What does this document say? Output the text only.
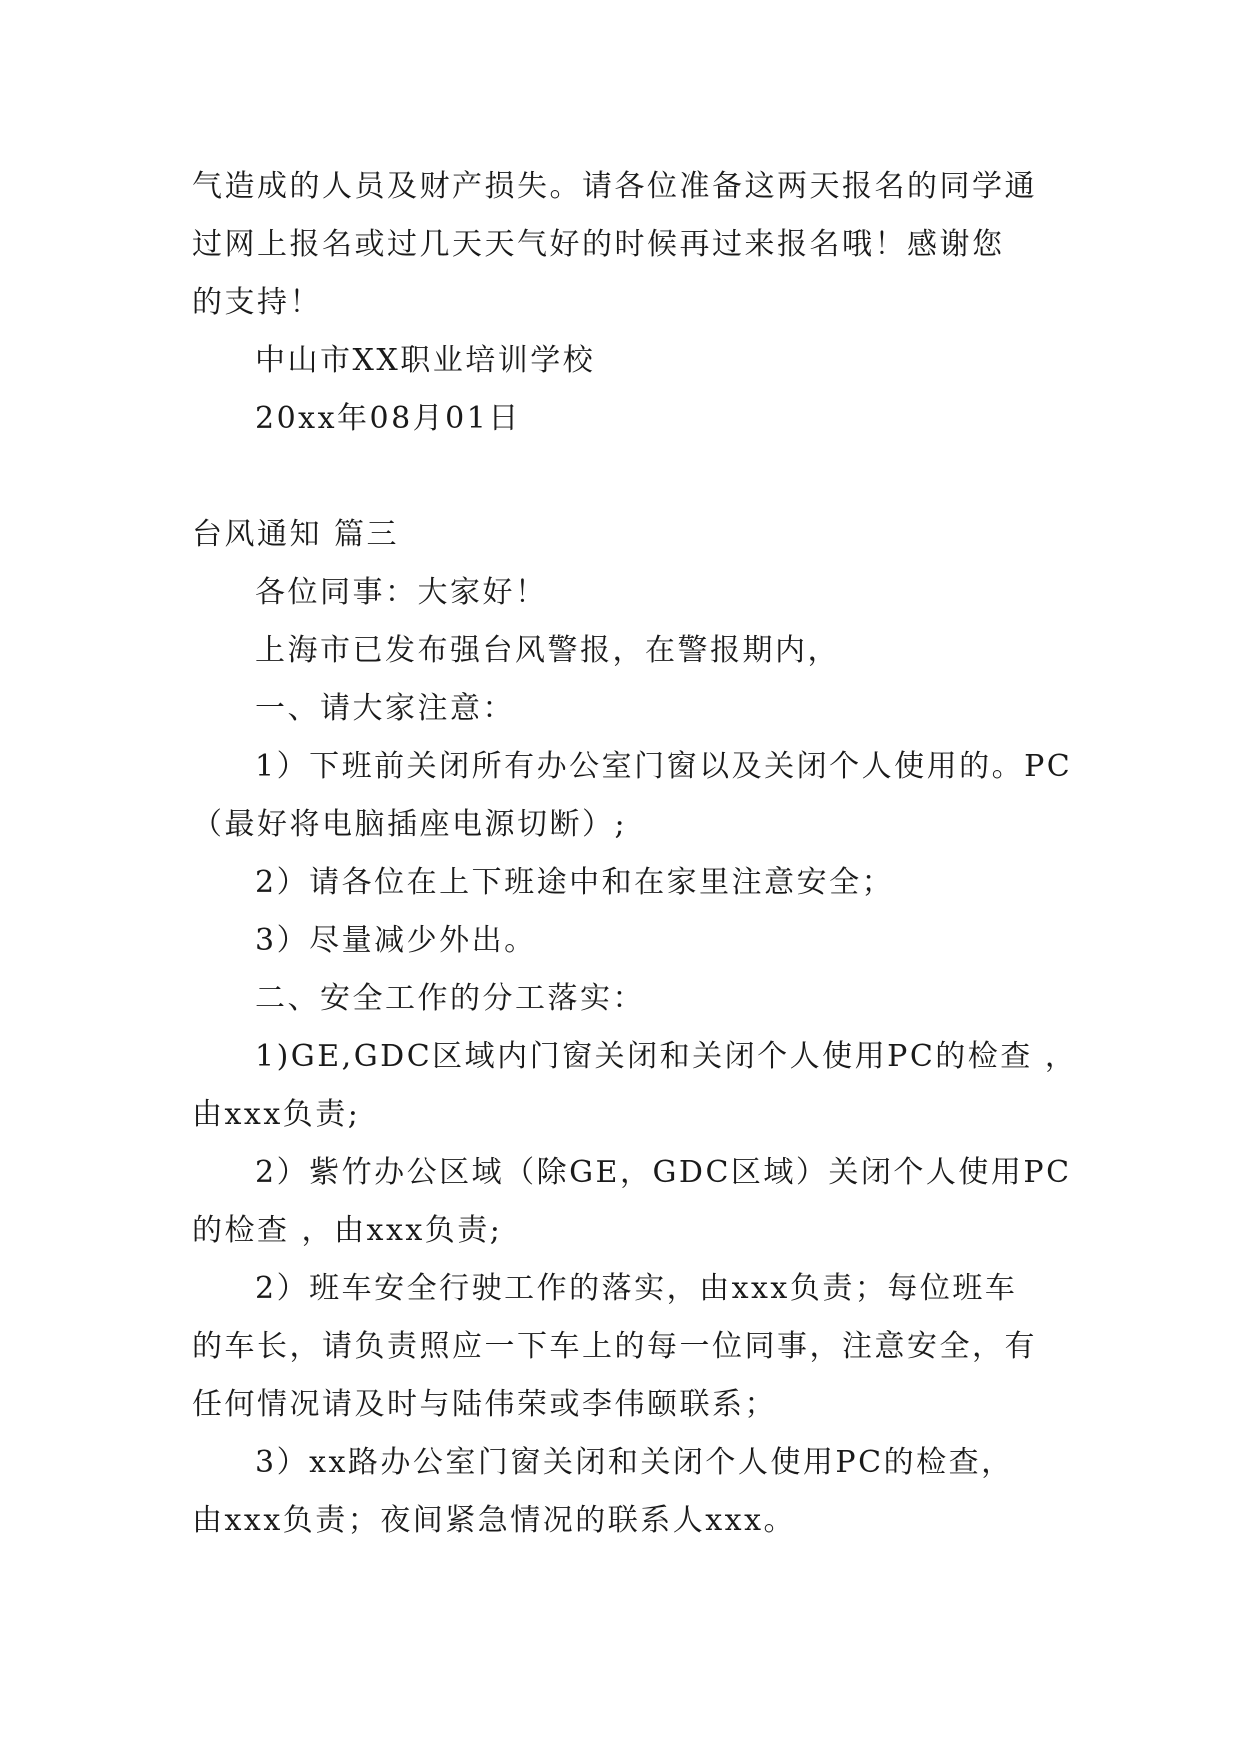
气造成的人员及财产损失。请各位准备这两天报名的同学通
过网上报名或过几天天气好的时候再过来报名哦！感谢您
的支持！
中山市XX职业培训学校
20xx年08月01日
台风通知 篇三
各位同事：大家好！
上海市已发布强台风警报，在警报期内，
一、请大家注意：
1）下班前关闭所有办公室门窗以及关闭个人使用的。PC
（最好将电脑插座电源切断）;
2）请各位在上下班途中和在家里注意安全；
3）尽量减少外出。
二、安全工作的分工落实：
1)GE,GDC区域内门窗关闭和关闭个人使用PC的检查 ，
由xxx负责;
2）紫竹办公区域（除GE，GDC区域）关闭个人使用PC
的检查 ，由xxx负责;
2）班车安全行驶工作的落实，由xxx负责；每位班车
的车长，请负责照应一下车上的每一位同事，注意安全，有
任何情况请及时与陆伟荣或李伟颐联系；
3）xx路办公室门窗关闭和关闭个人使用PC的检查，
由xxx负责；夜间紧急情况的联系人xxx。
